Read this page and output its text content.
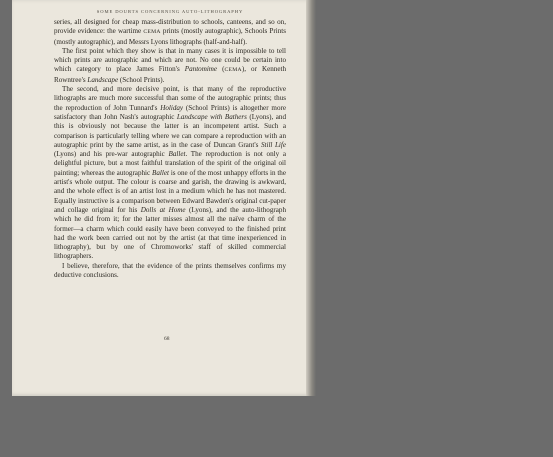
SOME DOUBTS CONCERNING AUTO-LITHOGRAPHY

series, all designed for cheap mass-distribution to schools, canteens, and so on, provide evidence: the wartime CEMA prints (mostly autographic), Schools Prints (mostly autographic), and Messrs Lyons lithographs (half-and-half).

The first point which they show is that in many cases it is impossible to tell which prints are autographic and which are not. No one could be certain into which category to place James Fitton's Pantomime (CEMA), or Kenneth Rowntree's Landscape (School Prints).

The second, and more decisive point, is that many of the reproductive lithographs are much more successful than some of the autographic prints; thus the reproduction of John Tunnard's Holiday (School Prints) is altogether more satisfactory than John Nash's autographic Landscape with Bathers (Lyons), and this is obviously not because the latter is an incompetent artist. Such a comparison is particularly telling where we can compare a reproduction with an autographic print by the same artist, as in the case of Duncan Grant's Still Life (Lyons) and his pre-war autographic Ballet. The reproduction is not only a delightful picture, but a most faithful translation of the spirit of the original oil painting; whereas the autographic Ballet is one of the most unhappy efforts in the artist's whole output. The colour is coarse and garish, the drawing is awkward, and the whole effect is of an artist lost in a medium which he has not mastered. Equally instructive is a comparison between Edward Bawden's original cut-paper and collage original for his Dolls at Home (Lyons), and the auto-lithograph which he did from it; for the latter misses almost all the naïve charm of the former—a charm which could easily have been conveyed to the finished print had the work been carried out not by the artist (at that time inexperienced in lithography), but by one of Chromoworks' staff of skilled commercial lithographers.

I believe, therefore, that the evidence of the prints themselves confirms my deductive conclusions.

68
